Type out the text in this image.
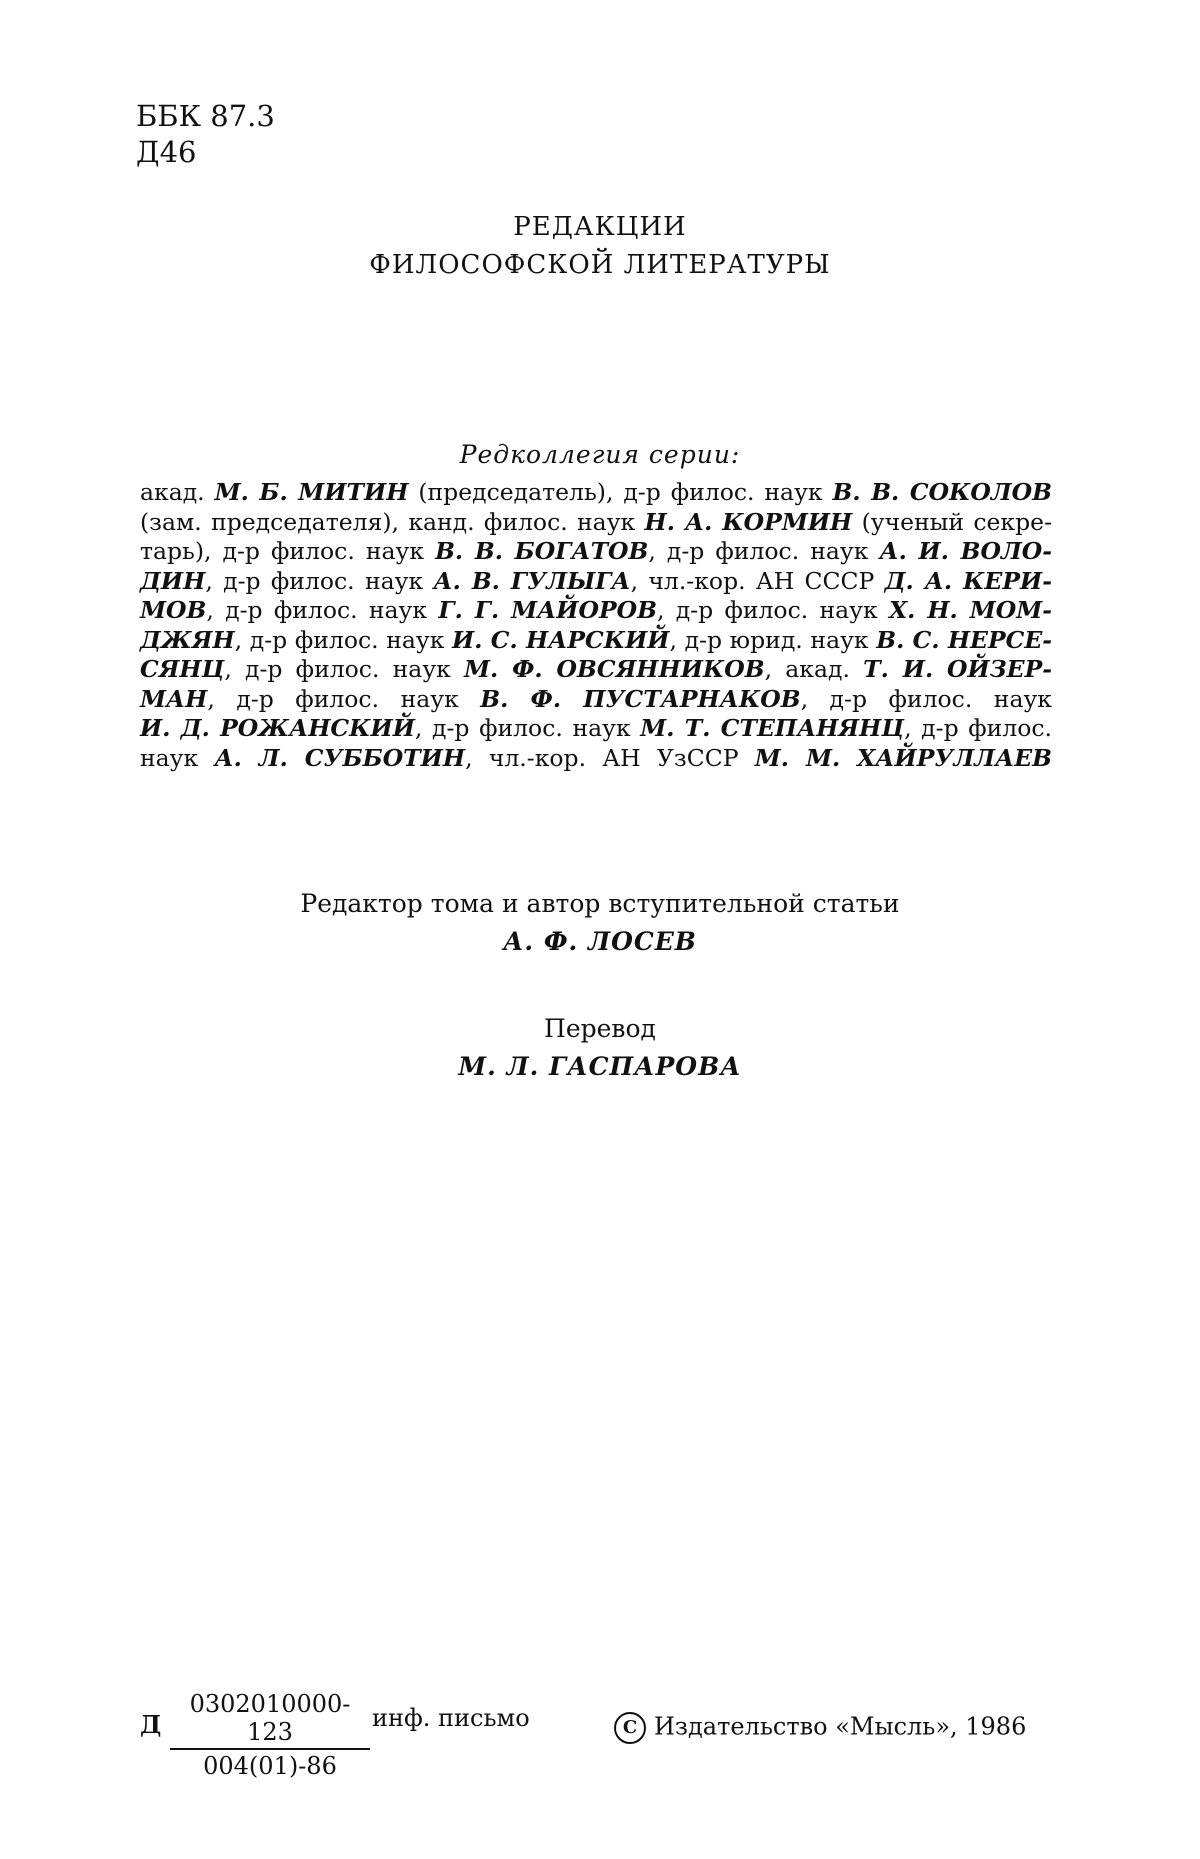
ББК 87.3
Д46
РЕДАКЦИИ
ФИЛОСОФСКОЙ ЛИТЕРАТУРЫ
Редколлегия серии:
акад. М. Б. МИТИН (председатель), д-р филос. наук В. В. СОКОЛОВ
(зам. председателя), канд. филос. наук Н. А. КОРМИН (ученый секре-
тарь), д-р филос. наук В. В. БОГАТОВ, д-р филос. наук А. И. ВОЛО-
ДИН, д-р филос. наук А. В. ГУЛЫГА, чл.-кор. АН СССР Д. А. КЕРИ-
МОВ, д-р филос. наук Г. Г. МАЙОРОВ, д-р филос. наук Х. Н. МОМ-
ДЖЯН, д-р филос. наук И. С. НАРСКИЙ, д-р юрид. наук В. С. НЕРСЕ-
СЯНЦ, д-р филос. наук М. Ф. ОВСЯННИКОВ, акад. Т. И. ОЙЗЕР-
МАН, д-р филос. наук В. Ф. ПУСТАРНАКОВ, д-р филос. наук
И. Д. РОЖАНСКИЙ, д-р филос. наук М. Т. СТЕПАНЯНЦ, д-р филос.
наук А. Л. СУББОТИН, чл.-кор. АН УзССР М. М. ХАЙРУЛЛАЕВ
Редактор тома и автор вступительной статьи
А. Ф. ЛОСЕВ
Перевод
М. Л. ГАСПАРОВА
Д $\frac{0302010000-123}{004(01)-86}$ инф. письмо	C Издательство «Мысль», 1986
